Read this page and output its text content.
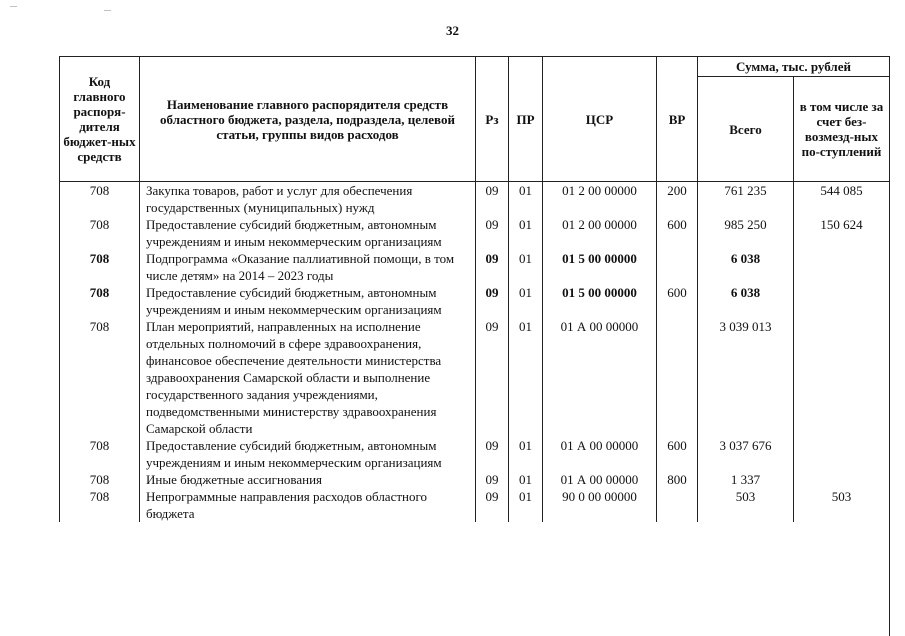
—	—
32
Код главного распоря-дителя бюджет-ных средств	Наименование главного распорядителя средств областного бюджета, раздела, подраздела, целевой статьи, группы видов расходов	Рз	ПР	ЦСР	ВР	Сумма, тыс. рублей	
						Всего	в том числе за счет без-возмезд-ных по-ступлений
708	Закупка товаров, работ и услуг для обеспечения государственных (муниципальных) нужд	09	01	01 2 00 00000	200	761 235	544 085
708	Предоставление субсидий бюджетным, автономным учреждениям и иным некоммерческим организациям	09	01	01 2 00 00000	600	985 250	150 624
708	Подпрограмма «Оказание паллиативной помощи, в том числе детям» на 2014 – 2023 годы	09	01	01 5 00 00000		6 038	
708	Предоставление субсидий бюджетным, автономным учреждениям и иным некоммерческим организациям	09	01	01 5 00 00000	600	6 038	
708	План мероприятий, направленных на исполнение отдельных полномочий в сфере здравоохранения, финансовое обеспечение деятельности министерства здравоохранения Самарской области и выполнение государственного задания учреждениями, подведомственными министерству здравоохранения Самарской области	09	01	01 А 00 00000		3 039 013	
708	Предоставление субсидий бюджетным, автономным учреждениям и иным некоммерческим организациям	09	01	01 А 00 00000	600	3 037 676	
708	Иные бюджетные ассигнования	09	01	01 А 00 00000	800	1 337	
708	Непрограммные направления расходов областного бюджета	09	01	90 0 00 00000		503	503
